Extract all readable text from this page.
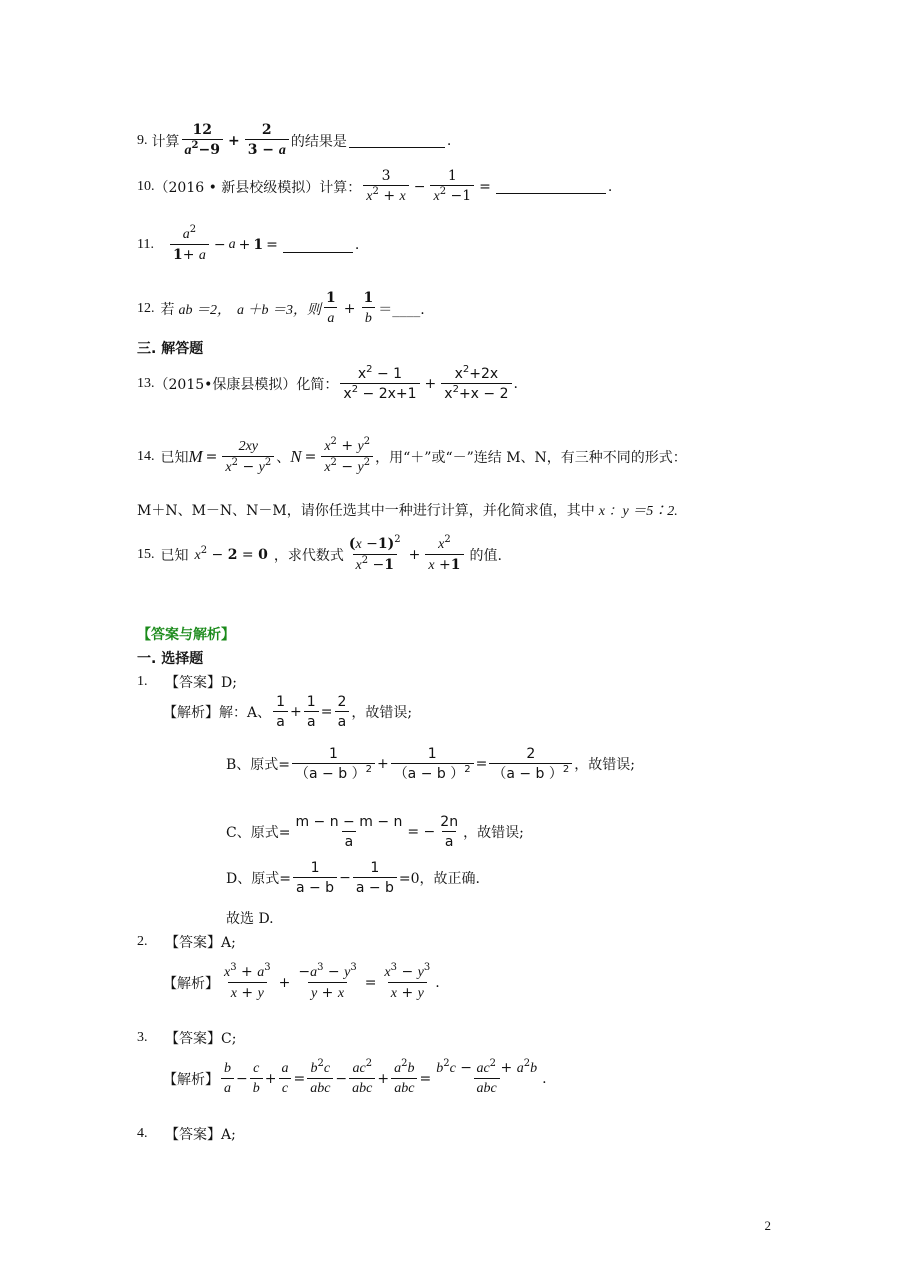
9. 计算 $\frac{12}{a^2-9} + \frac{2}{3 - a}$ 的结果是	.
10. （2016 • 新县校级模拟）计算： $\frac{3}{x^2 + x} - \frac{1}{x^2 -1}$ =	.
11. $\frac{a^2}{1+ a} - a + 1$ =	.
12. 若 ab ＝2， a ＋b ＝3，则 $\frac{1}{a} + \frac{1}{b}$ ＝____.
三. 解答题
13. （2015•保康县模拟）化简： $\frac{x^2 - 1}{x^2 - 2x+1} + \frac{x^2+2x}{x^2+x - 2}$ .
14. 已知 $M = \frac{2xy}{x^2 - y^2}$ 、 $N = \frac{x^2 + y^2}{x^2 - y^2}$ ，用“＋”或“－”连结 M、N，有三种不同的形式：
M＋N、M－N、N－M，请你任选其中一种进行计算，并化简求值，其中 x ：y ＝5∶2.
15. 已知 $x^2 - 2 = 0$ ，求代数式 $\frac{(x -1)^2}{x^2 -1} + \frac{x^2}{x +1}$ 的值.
【答案与解析】
一. 选择题
1.	【答案】D;
【解析】解：A、 $\frac{1}{a} + \frac{1}{a} = \frac{2}{a}$ ，故错误;
B、原式= $\frac{1}{(a - b )^2} + \frac{1}{(a - b )^2} = \frac{2}{(a - b )^2}$ ，故错误;
C、原式= $\frac{m - n - m - n}{a}$ = − $\frac{2n}{a}$ ，故错误;
D、原式= $\frac{1}{a - b} - \frac{1}{a - b} =0$，故正确.
故选 D.
2.	【答案】A;
【解析】 $\frac{x^3 + a^3}{x + y} + \frac{-a^3 - y^3}{y + x} = \frac{x^3 - y^3}{x + y}$ .
3.	【答案】C;
【解析】 $\frac{b}{a} - \frac{c}{b} + \frac{a}{c} = \frac{b^2c}{\text{abc}} - \frac{ac^2}{\text{abc}} + \frac{a^2b}{\text{abc}} = \frac{b^2c - ac^2 + a^2b}{\text{abc}}$ .
4.	【答案】A;
2
